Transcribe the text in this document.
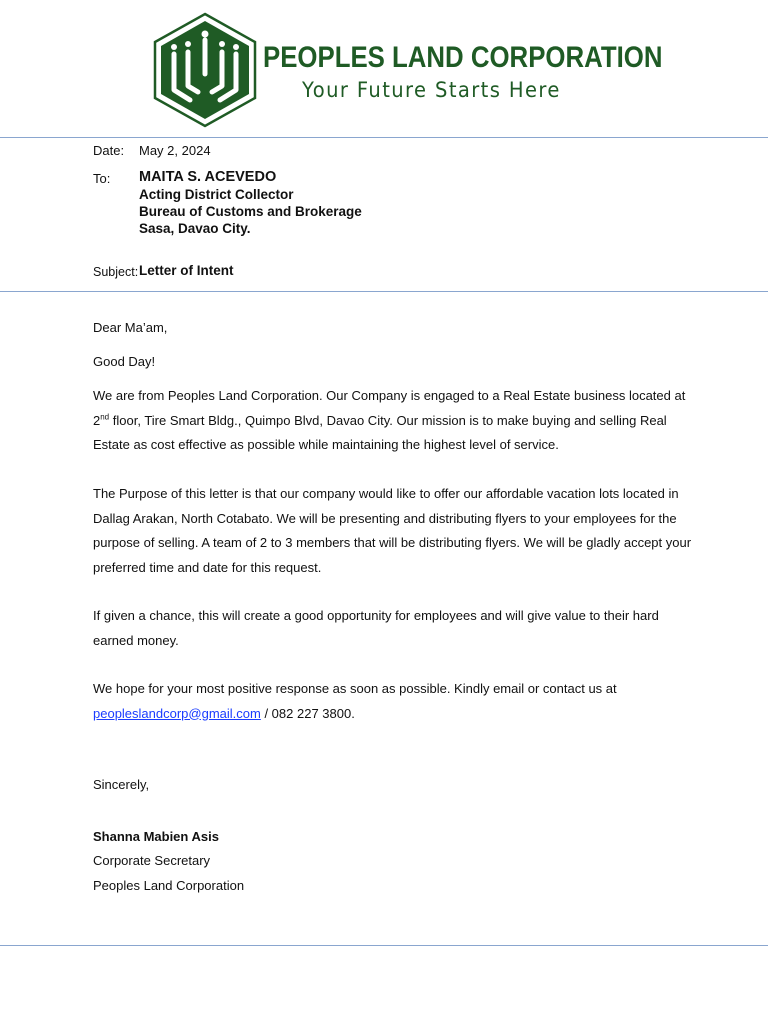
PEOPLES LAND CORPORATION
Your Future Starts Here
Date: May 2, 2024
To: MAITA S. ACEVEDO
Acting District Collector
Bureau of Customs and Brokerage
Sasa, Davao City.
Subject: Letter of Intent

Dear Ma’am,

Good Day!

We are from Peoples Land Corporation. Our Company is engaged to a Real Estate business located at 2nd floor, Tire Smart Bldg., Quimpo Blvd, Davao City. Our mission is to make buying and selling Real Estate as cost effective as possible while maintaining the highest level of service.

The Purpose of this letter is that our company would like to offer our affordable vacation lots located in Dallag Arakan, North Cotabato. We will be presenting and distributing flyers to your employees for the purpose of selling. A team of 2 to 3 members that will be distributing flyers. We will be gladly accept your preferred time and date for this request.

If given a chance, this will create a good opportunity for employees and will give value to their hard earned money.

We hope for your most positive response as soon as possible. Kindly email or contact us at peopleslandcorp@gmail.com / 082 227 3800.

Sincerely,
Shanna Mabien Asis
Corporate Secretary
Peoples Land Corporation
